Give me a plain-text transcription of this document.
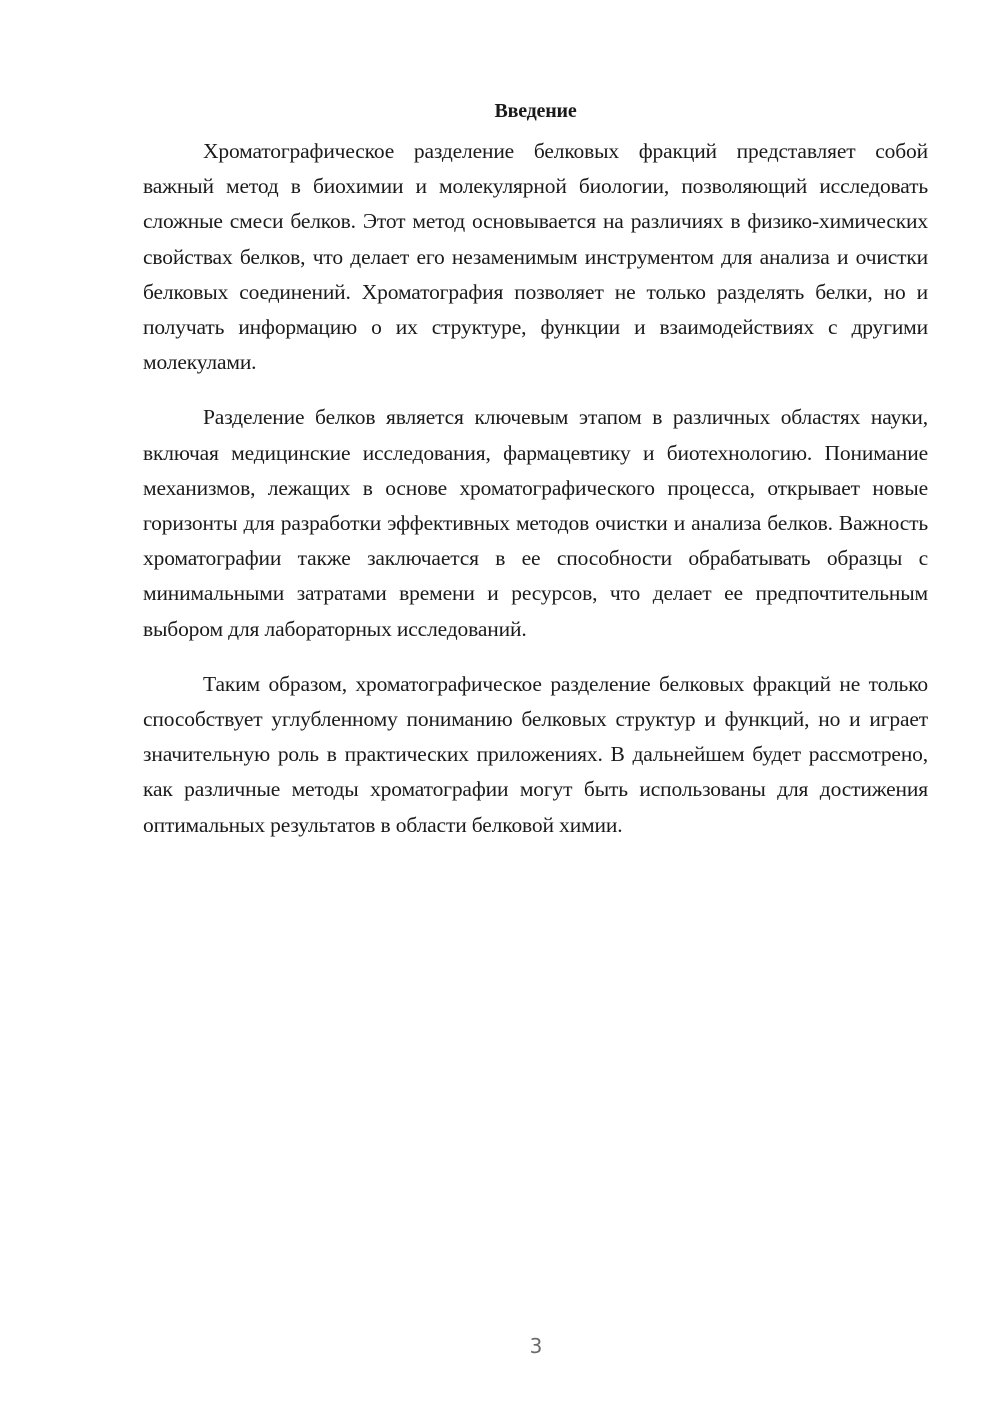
Введение

Хроматографическое разделение белковых фракций представляет собой важный метод в биохимии и молекулярной биологии, позволяющий исследовать сложные смеси белков. Этот метод основывается на различиях в физико-химических свойствах белков, что делает его незаменимым инструментом для анализа и очистки белковых соединений. Хроматография позволяет не только разделять белки, но и получать информацию о их структуре, функции и взаимодействиях с другими молекулами.

Разделение белков является ключевым этапом в различных областях науки, включая медицинские исследования, фармацевтику и биотехнологию. Понимание механизмов, лежащих в основе хроматографического процесса, открывает новые горизонты для разработки эффективных методов очистки и анализа белков. Важность хроматографии также заключается в ее способности обрабатывать образцы с минимальными затратами времени и ресурсов, что делает ее предпочтительным выбором для лабораторных исследований.

Таким образом, хроматографическое разделение белковых фракций не только способствует углубленному пониманию белковых структур и функций, но и играет значительную роль в практических приложениях. В дальнейшем будет рассмотрено, как различные методы хроматографии могут быть использованы для достижения оптимальных результатов в области белковой химии.

3
